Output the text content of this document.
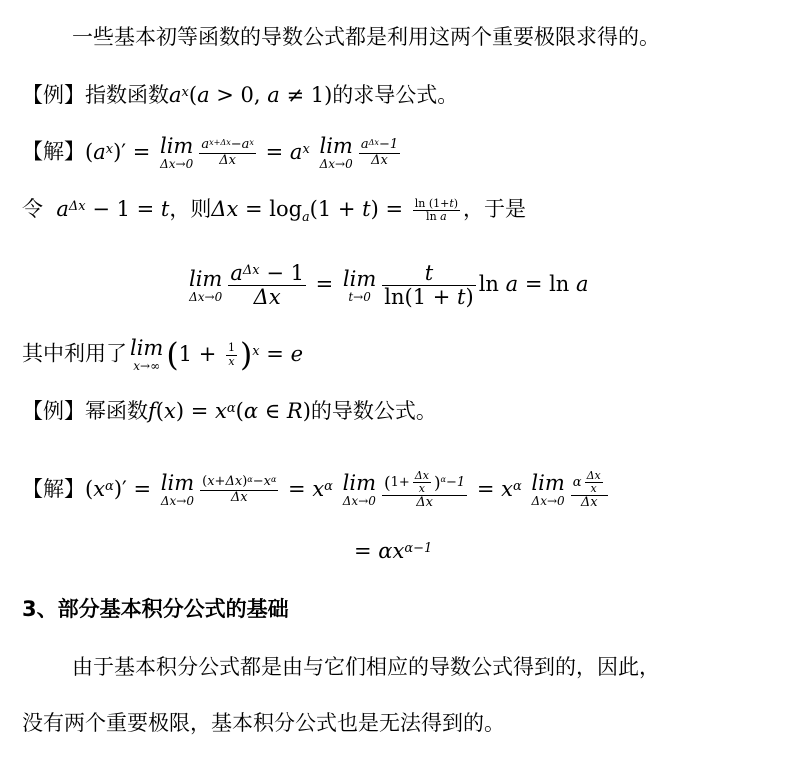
一些基本初等函数的导数公式都是利用这两个重要极限求得的。
【例】指数函数$a^x(a > 0$, a ≠ 1)的求导公式。
【解】$(a^x)' = \lim$
$\Delta x\to 0 \frac{a^{x+\Delta x}-a^x}{\Delta x} = a^x$ lim
$\Delta x\to 0 \frac{a^{\Delta x}-1}{\Delta x}$
令  $a^{\Delta x} - 1 = t$，则$\Delta x = \log_a(1 + t) = \frac{\ln (1+t)}{\text{ln a}}$ ，于是
lim
$\Delta x\to 0 \frac{a^{\Delta x} - 1}{\Delta x} = \lim$
$t\to 0 \frac{t}{\ln(1 + t)}$ ln a = ln a
其中利用了 lim
x→∞ $(1 + \frac{1}{x} )^x = e$
【例】幂函数$f(x) = x^\alpha(\alpha$ ∈ R)的导数公式。
【解】$(x^\alpha)' = \lim$
$\Delta x\to 0 \frac{(x+\Delta x)^\alpha-x^\alpha}{\Delta x} = x^\alpha$ lim
$\Delta x\to 0 \frac{(1+ \frac{\Delta x}{x} )^\alpha-1}{\Delta x} = x^\alpha$ lim
$\Delta x\to 0 \frac{\alpha \frac{\Delta x}{x}}{\Delta x}$
= $\alpha x^{\alpha-1}$
3、部分基本积分公式的基础
由于基本积分公式都是由与它们相应的导数公式得到的，因此，
没有两个重要极限，基本积分公式也是无法得到的。
